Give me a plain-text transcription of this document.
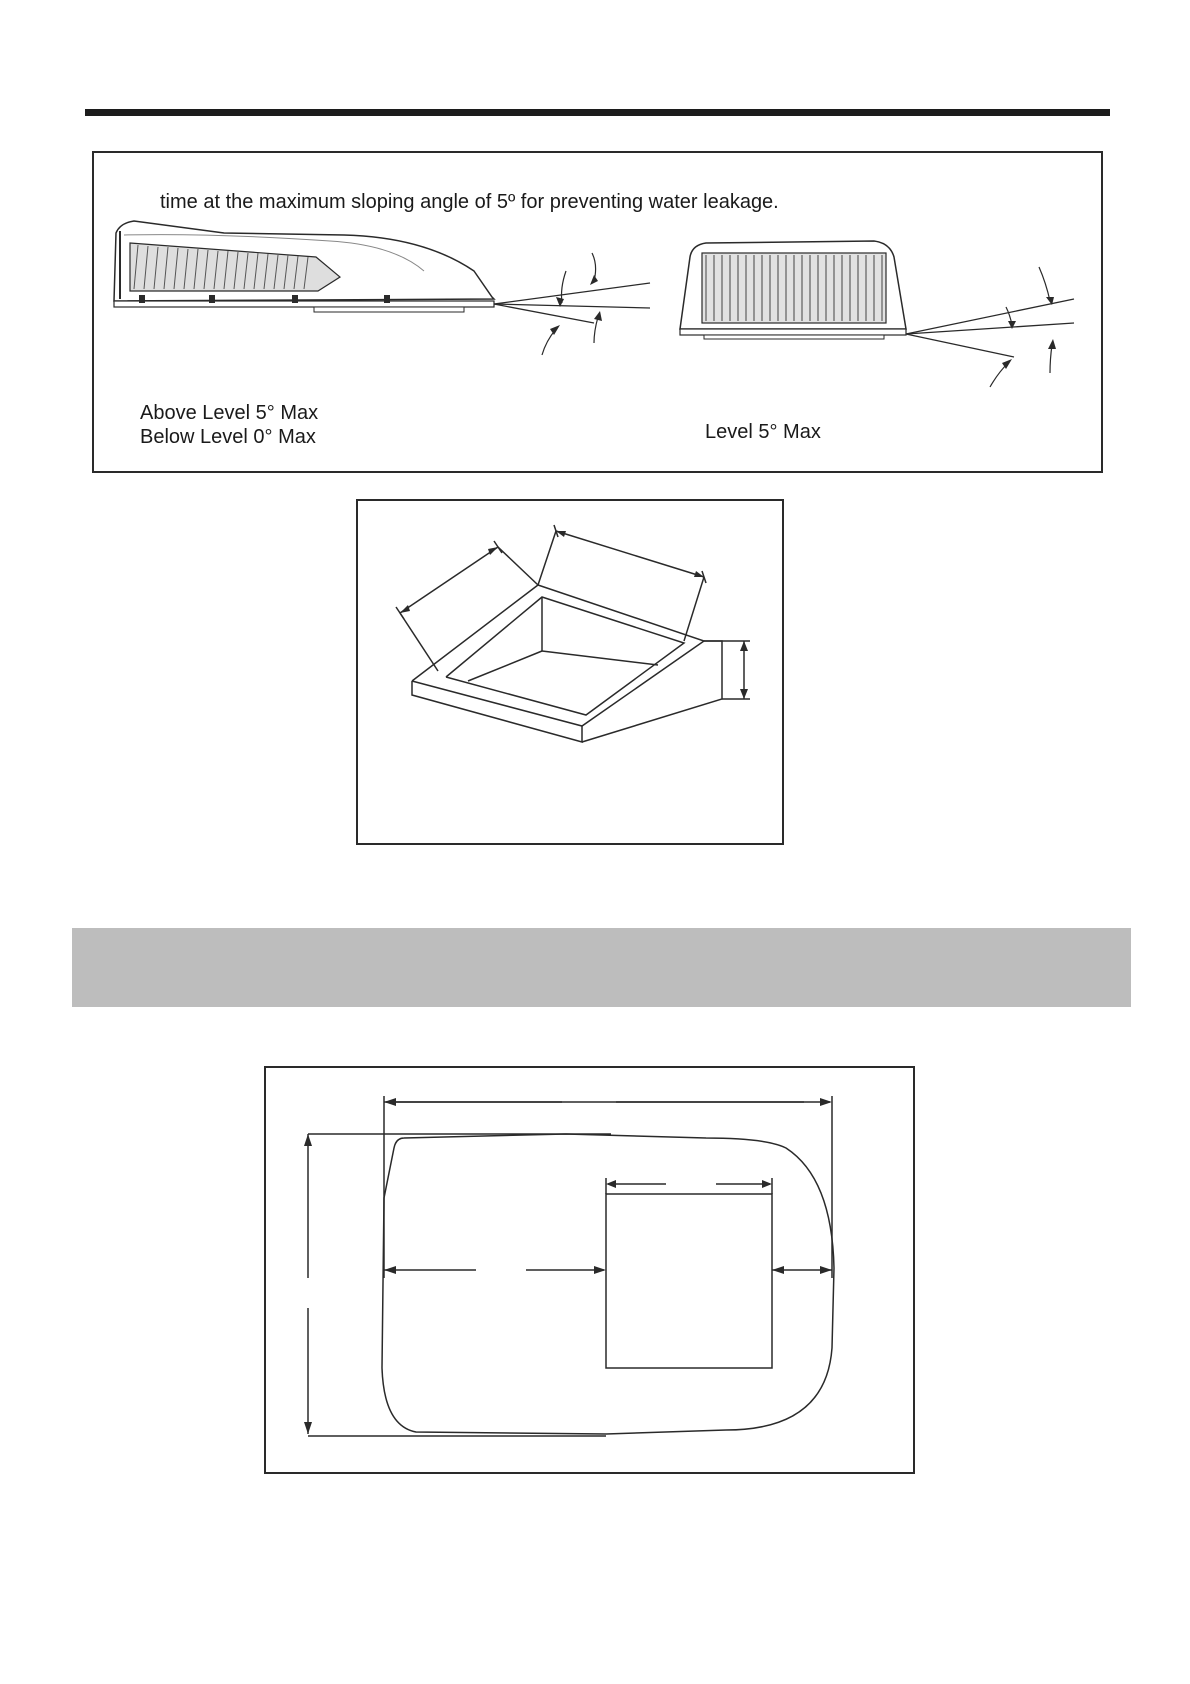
time at the maximum sloping angle of 5º for preventing water leakage.
Above Level 5° Max
Below Level 0° Max	Level 5° Max
